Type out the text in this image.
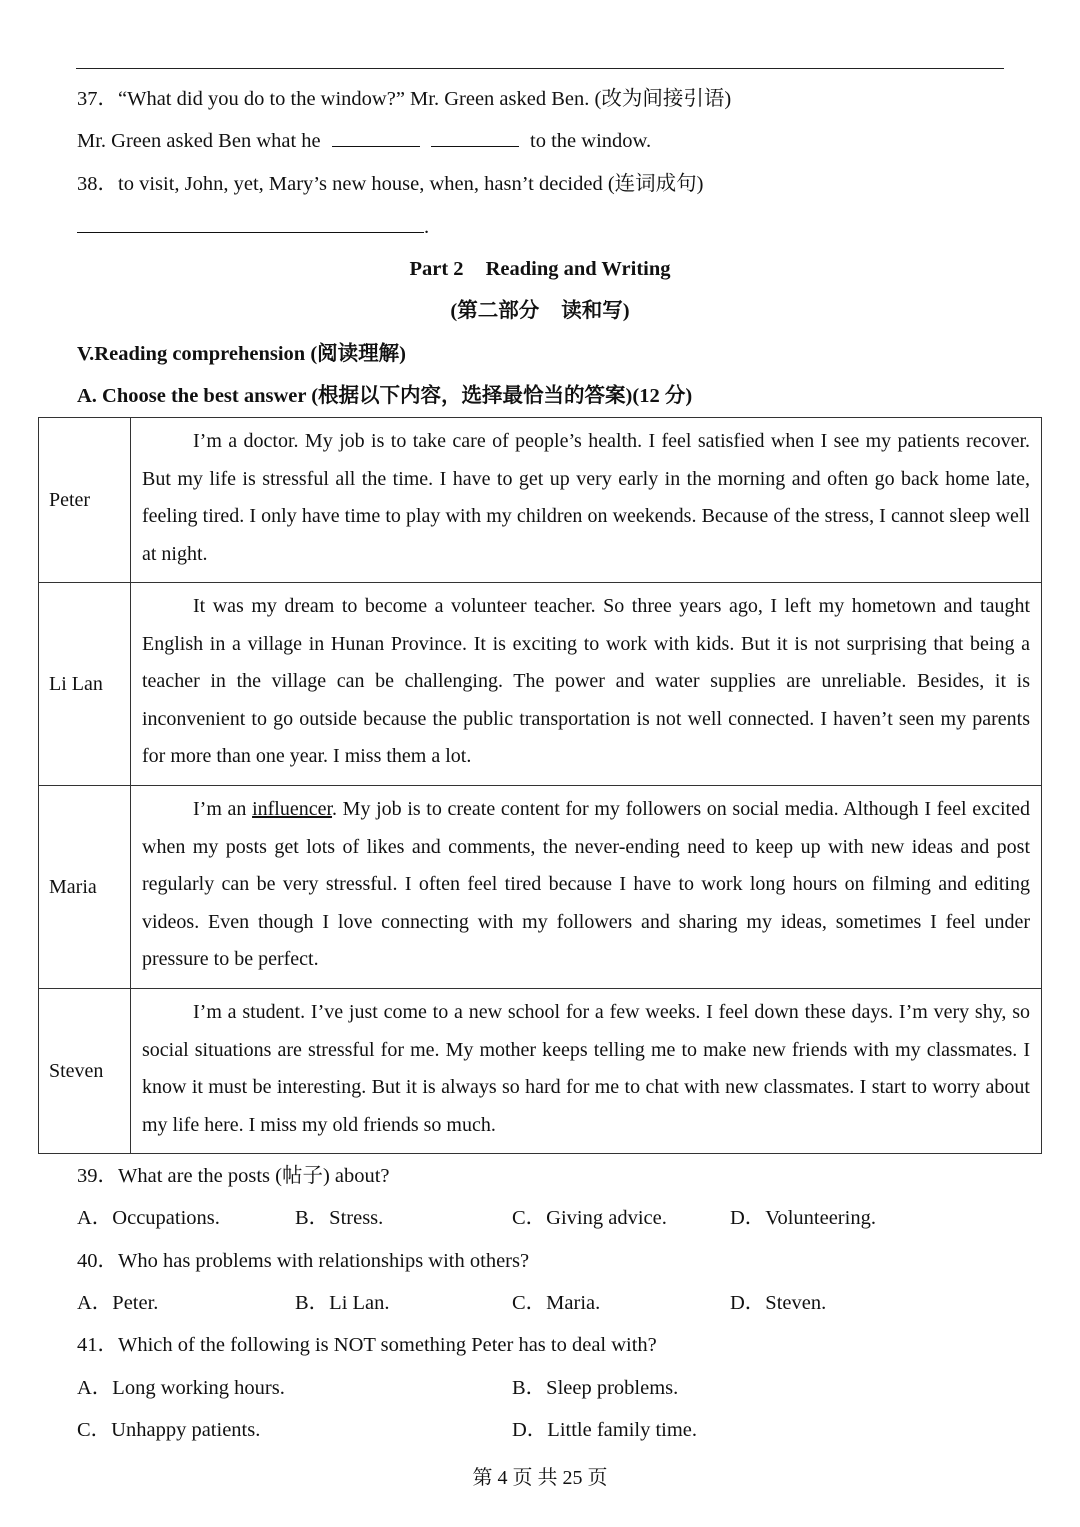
37．“What did you do to the window?” Mr. Green asked Ben. (改为间接引语)
Mr. Green asked Ben what he	to the window.
38．to visit, John, yet, Mary’s new house, when, hasn’t decided (连词成句)
.
Part 2 Reading and Writing
(第二部分 读和写)
V.Reading comprehension (阅读理解)
A. Choose the best answer (根据以下内容，选择最恰当的答案)(12 分)
Peter	I’m a doctor. My job is to take care of people’s health. I feel satisfied when I see my patients recover. But my life is stressful all the time. I have to get up very early in the morning and often go back home late, feeling tired. I only have time to play with my children on weekends. Because of the stress, I cannot sleep well at night.
Li Lan	It was my dream to become a volunteer teacher. So three years ago, I left my hometown and taught English in a village in Hunan Province. It is exciting to work with kids. But it is not surprising that being a teacher in the village can be challenging. The power and water supplies are unreliable. Besides, it is inconvenient to go outside because the public transportation is not well connected. I haven’t seen my parents for more than one year. I miss them a lot.
Maria	I’m an influencer. My job is to create content for my followers on social media. Although I feel excited when my posts get lots of likes and comments, the never-ending need to keep up with new ideas and post regularly can be very stressful. I often feel tired because I have to work long hours on filming and editing videos. Even though I love connecting with my followers and sharing my ideas, sometimes I feel under pressure to be perfect.
Steven	I’m a student. I’ve just come to a new school for a few weeks. I feel down these days. I’m very shy, so social situations are stressful for me. My mother keeps telling me to make new friends with my classmates. I know it must be interesting. But it is always so hard for me to chat with new classmates. I start to worry about my life here. I miss my old friends so much.
39．What are the posts (帖子) about?
A．Occupations.	B．Stress.	C．Giving advice.	D．Volunteering.
40．Who has problems with relationships with others?
A．Peter.	B．Li Lan.	C．Maria.	D．Steven.
41．Which of the following is NOT something Peter has to deal with?
A．Long working hours.	B．Sleep problems.
C．Unhappy patients.	D．Little family time.
第 4 页 共 25 页
